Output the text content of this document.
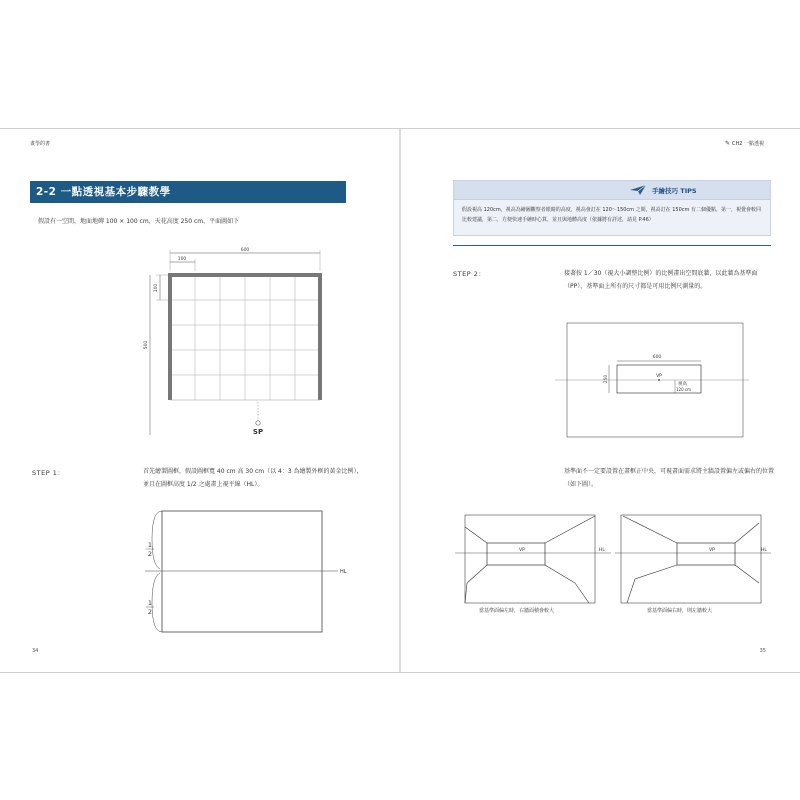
畫學的書
2-2 一點透視基本步驟教學
假設有一空間，地面地磚 100 × 100 cm，天花高度 250 cm，平面圖如下
600
100
100
500
SP
STEP 1：	首先繪製圖框，假設圖框寬 40 cm 高 30 cm（以 4：3 為繪製外框的黃金比例），並且在圖框高度 1/2 之處畫上視平線（HL）。
HL
1
2
1
2
34
✎ CH2 一點透視
手繪技巧 TIPS
假設視高 120cm，視高為繪圖觀察者眼睛的高度，視高會訂在 120～150cm 之間，視高訂在 150cm 有二個優點，第一，視覺會較同比較建議，第二，方便快速手繪時心算，並且與地體高度（依據將有詳述，請見 P.46）
STEP 2：	接著按 1／30（視大小調整比例）的比例畫出空間底牆，以此牆為基準面（PP），基準面上所有的尺寸都是可用比例尺測量的。
600
250	VP
視高
120 cm
基準面不一定要設置在畫框正中央，可視畫面需求將主牆設置偏左或偏右的位置（如下圖）。
VP	HL
當基準面偏左時，右牆面積會較大
VP	HL
當基準面偏右時，則左牆較大
35
